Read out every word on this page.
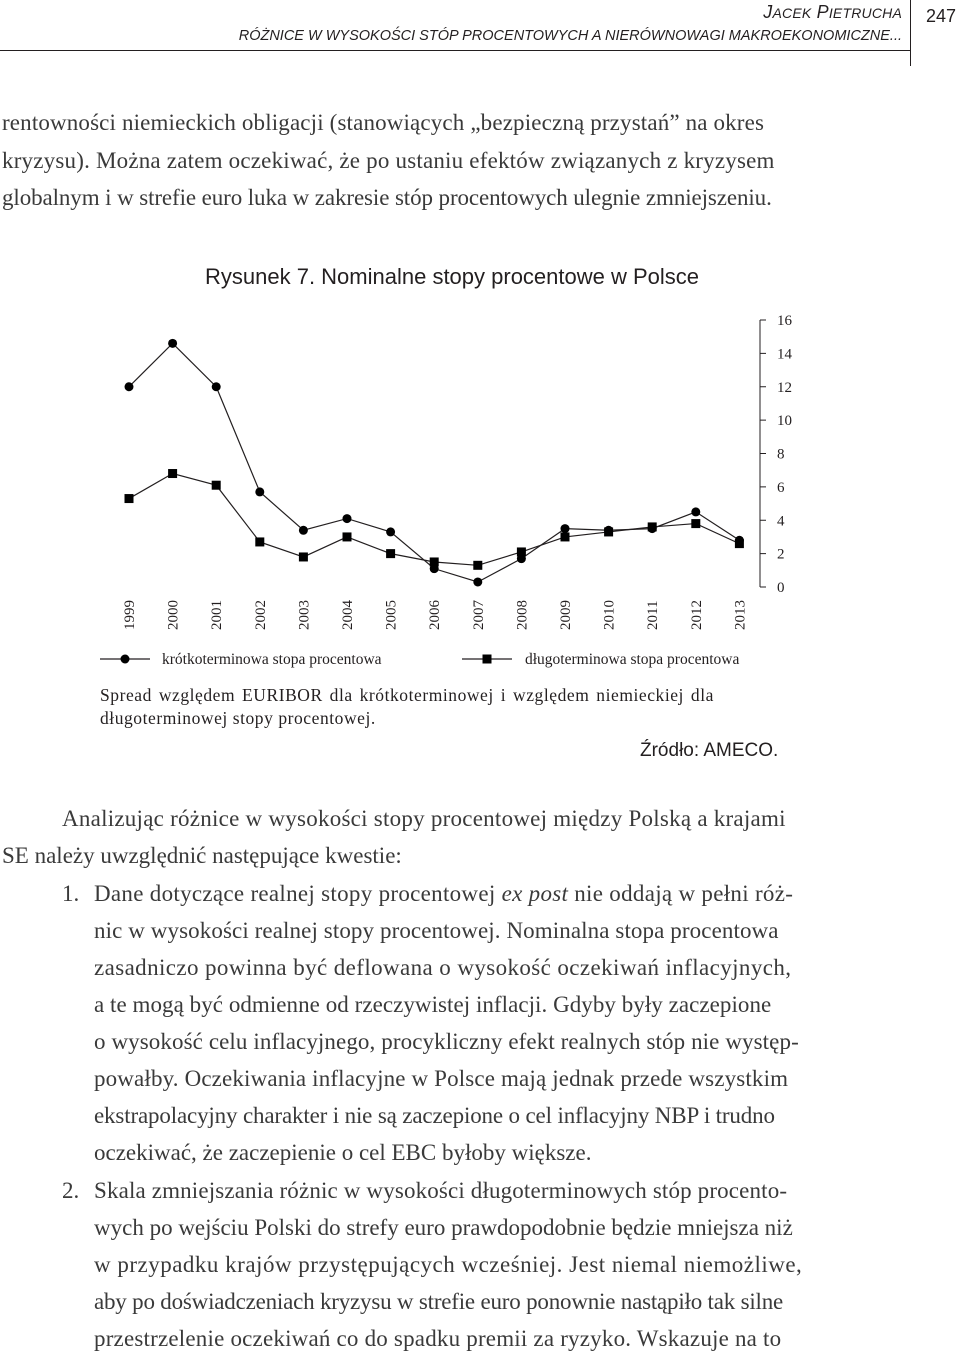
JACEK PIETRUCHA
RÓŻNICE W WYSOKOŚCI STÓP PROCENTOWYCH A NIERÓWNOWAGI MAKROEKONOMICZNE...
247
rentowności niemieckich obligacji (stanowiących „bezpieczną przystań” na okres
kryzysu). Można zatem oczekiwać, że po ustaniu efektów związanych z kryzysem
globalnym i w strefie euro luka w zakresie stóp procentowych ulegnie zmniejszeniu.
Rysunek 7. Nominalne stopy procentowe w Polsce
0
2
4
6
8
10
12
14
16
1999 2000 2001 2002 2003 2004 2005 2006 2007 2008 2009 2010 2011 2012 2013
krótkoterminowa stopa procentowa	długoterminowa stopa procentowa
Spread względem EURIBOR dla krótkoterminowej i względem niemieckiej dla
długoterminowej stopy procentowej.
Źródło: AMECO.
Analizując różnice w wysokości stopy procentowej między Polską a krajami
SE należy uwzględnić następujące kwestie:
1. Dane dotyczące realnej stopy procentowej ex post nie oddają w pełni róż-
nic w wysokości realnej stopy procentowej. Nominalna stopa procentowa
zasadniczo powinna być deflowana o wysokość oczekiwań inflacyjnych,
a te mogą być odmienne od rzeczywistej inflacji. Gdyby były zaczepione
o wysokość celu inflacyjnego, procykliczny efekt realnych stóp nie występ-
powałby. Oczekiwania inflacyjne w Polsce mają jednak przede wszystkim
ekstrapolacyjny charakter i nie są zaczepione o cel inflacyjny NBP i trudno
oczekiwać, że zaczepienie o cel EBC byłoby większe.
2. Skala zmniejszania różnic w wysokości długoterminowych stóp procento-
wych po wejściu Polski do strefy euro prawdopodobnie będzie mniejsza niż
w przypadku krajów przystępujących wcześniej. Jest niemal niemożliwe,
aby po doświadczeniach kryzysu w strefie euro ponownie nastąpiło tak silne
przestrzelenie oczekiwań co do spadku premii za ryzyko. Wskazuje na to
